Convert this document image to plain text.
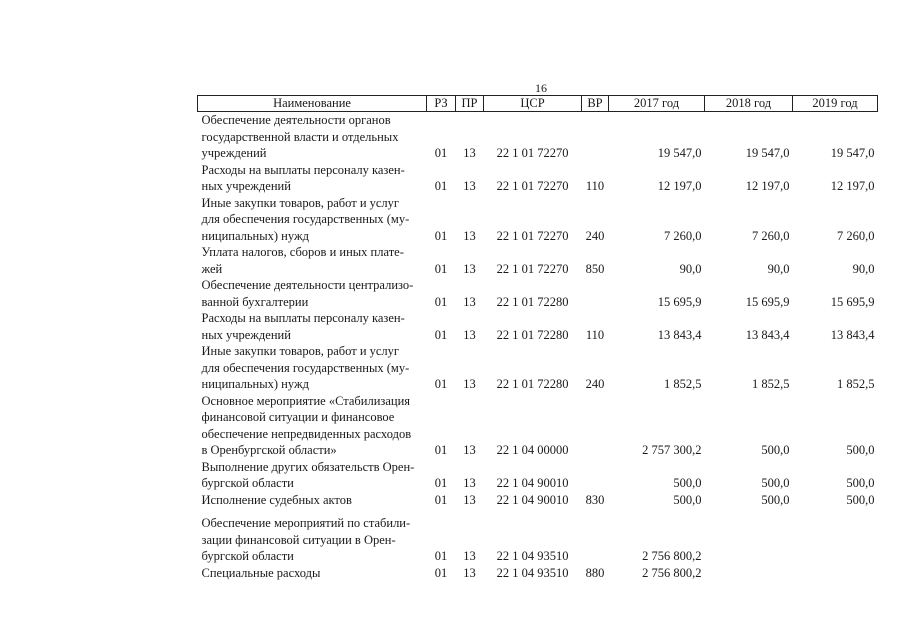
16
Наименование	РЗ	ПР	ЦСР	ВР	2017 год	2018 год	2019 год
Обеспечение деятельности органов
государственной власти и отдельных
учреждений	01	13	22 1 01 72270		19 547,0	19 547,0	19 547,0
Расходы на выплаты персоналу казен-
ных учреждений	01	13	22 1 01 72270	110	12 197,0	12 197,0	12 197,0
Иные закупки товаров, работ и услуг
для обеспечения государственных (му-
ниципальных) нужд	01	13	22 1 01 72270	240	7 260,0	7 260,0	7 260,0
Уплата налогов, сборов и иных плате-
жей	01	13	22 1 01 72270	850	90,0	90,0	90,0
Обеспечение деятельности централизо-
ванной бухгалтерии	01	13	22 1 01 72280		15 695,9	15 695,9	15 695,9
Расходы на выплаты персоналу казен-
ных учреждений	01	13	22 1 01 72280	110	13 843,4	13 843,4	13 843,4
Иные закупки товаров, работ и услуг
для обеспечения государственных (му-
ниципальных) нужд	01	13	22 1 01 72280	240	1 852,5	1 852,5	1 852,5
Основное мероприятие «Стабилизация
финансовой ситуации и финансовое
обеспечение непредвиденных расходов
в Оренбургской области»	01	13	22 1 04 00000		2 757 300,2	500,0	500,0
Выполнение других обязательств Орен-
бургской области	01	13	22 1 04 90010		500,0	500,0	500,0
Исполнение судебных актов	01	13	22 1 04 90010	830	500,0	500,0	500,0
Обеспечение мероприятий по стабили-
зации финансовой ситуации в Орен-
бургской области	01	13	22 1 04 93510		2 756 800,2		
Специальные расходы	01	13	22 1 04 93510	880	2 756 800,2		
